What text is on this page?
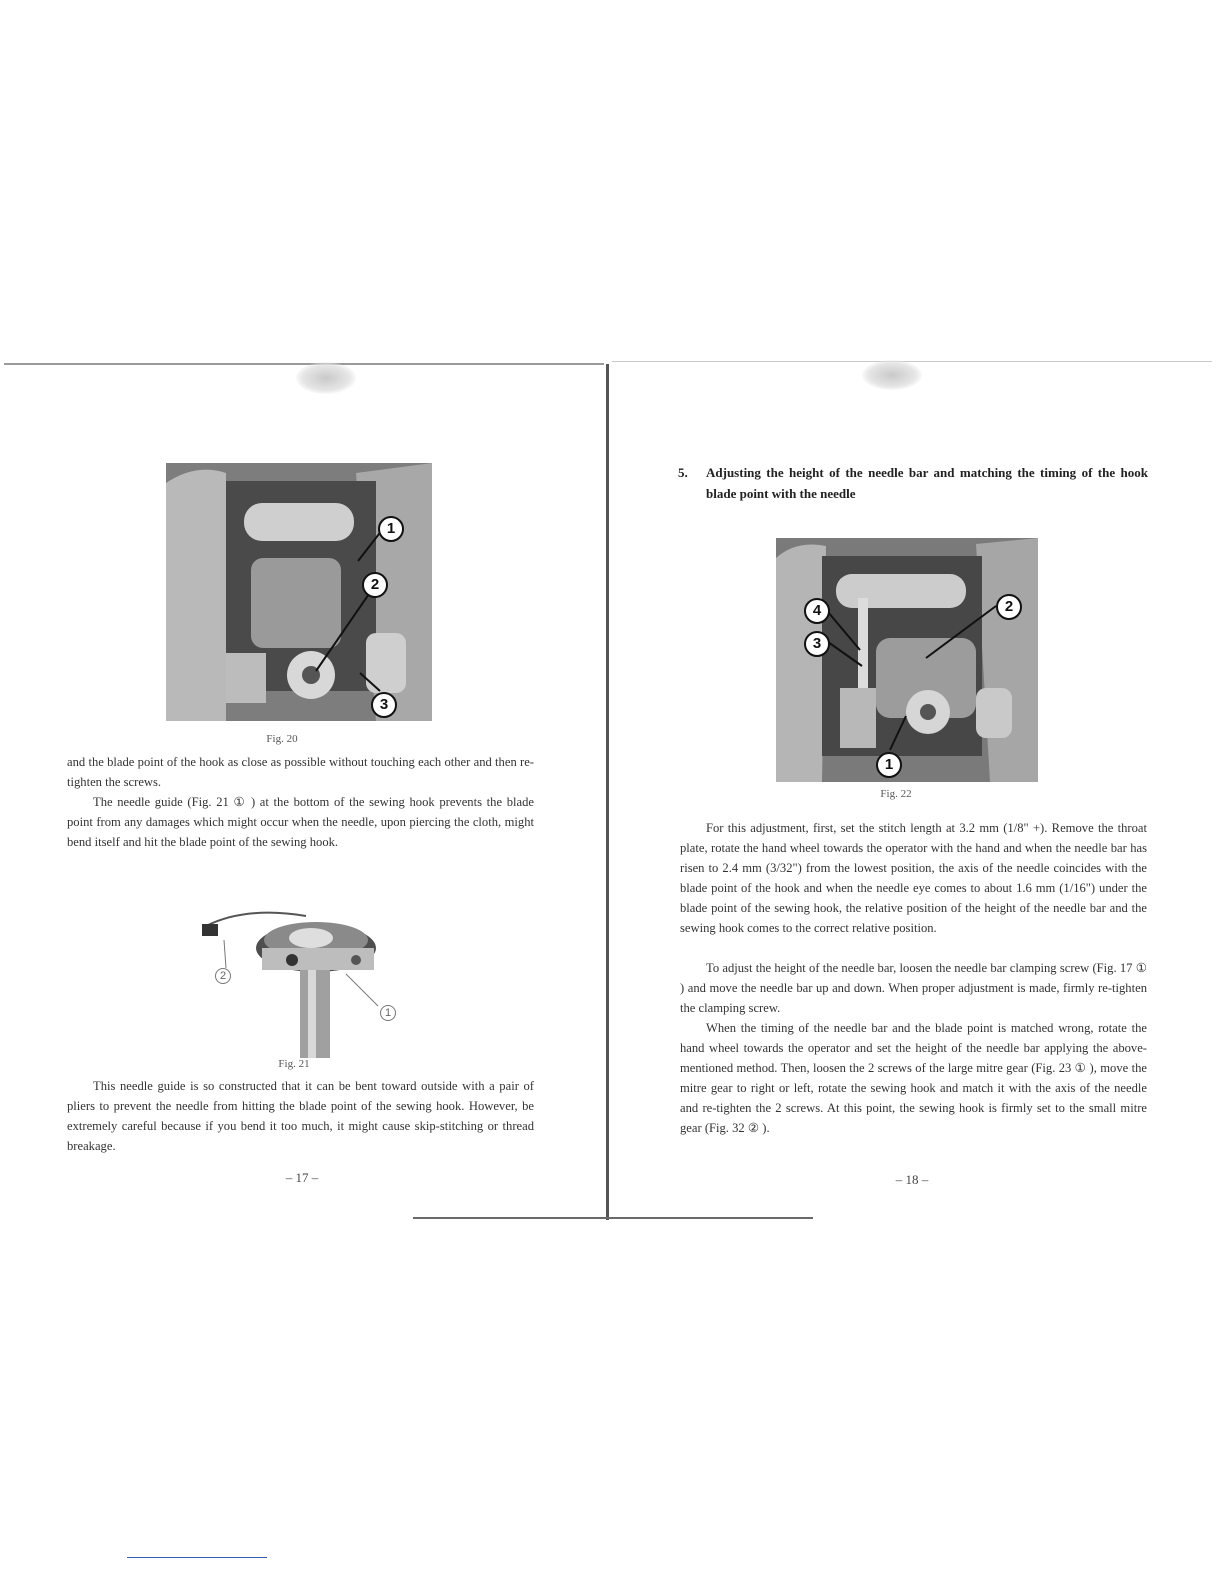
1
2
3
Fig. 20

and the blade point of the hook as close as possible without touching each other and then re-tighten the screws.

The needle guide (Fig. 21 ① ) at the bottom of the sewing hook prevents the blade point from any damages which might occur when the needle, upon piercing the cloth, might bend itself and hit the blade point of the sewing hook.

2
1
Fig. 21

This needle guide is so constructed that it can be bent toward outside with a pair of pliers to prevent the needle from hitting the blade point of the sewing hook. However, be extremely careful because if you bend it too much, it might cause skip-stitching or thread breakage.

– 17 –
5. Adjusting the height of the needle bar and matching the timing of the hook blade point with the needle
4
3
2
1
Fig. 22

For this adjustment, first, set the stitch length at 3.2 mm (1/8" +). Remove the throat plate, rotate the hand wheel towards the operator with the hand and when the needle bar has risen to 2.4 mm (3/32") from the lowest position, the axis of the needle coincides with the blade point of the hook and when the needle eye comes to about 1.6 mm (1/16") under the blade point of the sewing hook, the relative position of the height of the needle bar and the sewing hook comes to the correct relative position.

To adjust the height of the needle bar, loosen the needle bar clamping screw (Fig. 17 ① ) and move the needle bar up and down. When proper adjustment is made, firmly re-tighten the clamping screw.

When the timing of the needle bar and the blade point is matched wrong, rotate the hand wheel towards the operator and set the height of the needle bar applying the above-mentioned method. Then, loosen the 2 screws of the large mitre gear (Fig. 23 ① ), move the mitre gear to right or left, rotate the sewing hook and match it with the axis of the needle and re-tighten the 2 screws. At this point, the sewing hook is firmly set to the small mitre gear (Fig. 32 ② ).

– 18 –
